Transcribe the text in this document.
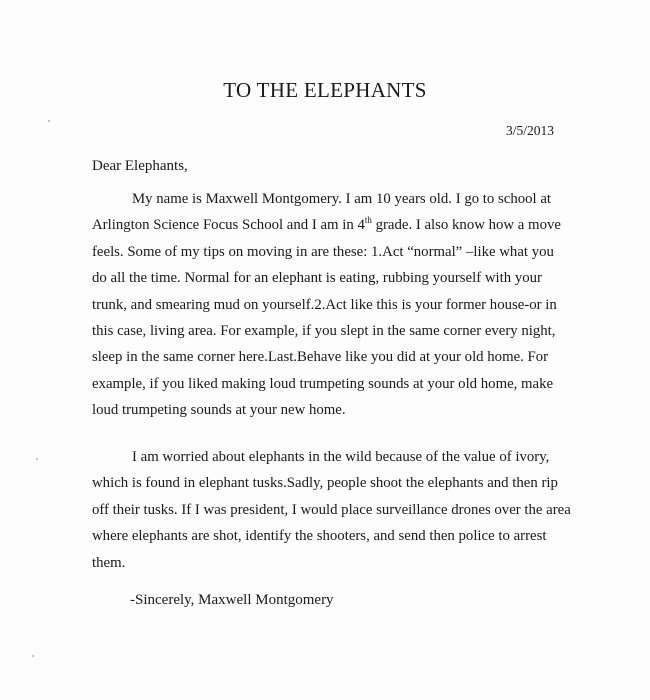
TO THE ELEPHANTS
3/5/2013
Dear Elephants,
My name is Maxwell Montgomery. I am 10 years old. I go to school at Arlington Science Focus School and I am in 4th grade. I also know how a move feels. Some of my tips on moving in are these: 1.Act “normal” –like what you do all the time. Normal for an elephant is eating, rubbing yourself with your trunk, and smearing mud on yourself.2.Act like this is your former house-or in this case, living area. For example, if you slept in the same corner every night, sleep in the same corner here.Last.Behave like you did at your old home. For example, if you liked making loud trumpeting sounds at your old home, make loud trumpeting sounds at your new home.
I am worried about elephants in the wild because of the value of ivory, which is found in elephant tusks.Sadly, people shoot the elephants and then rip off their tusks. If I was president, I would place surveillance drones over the area where elephants are shot, identify the shooters, and send then police to arrest them.
-Sincerely, Maxwell Montgomery
